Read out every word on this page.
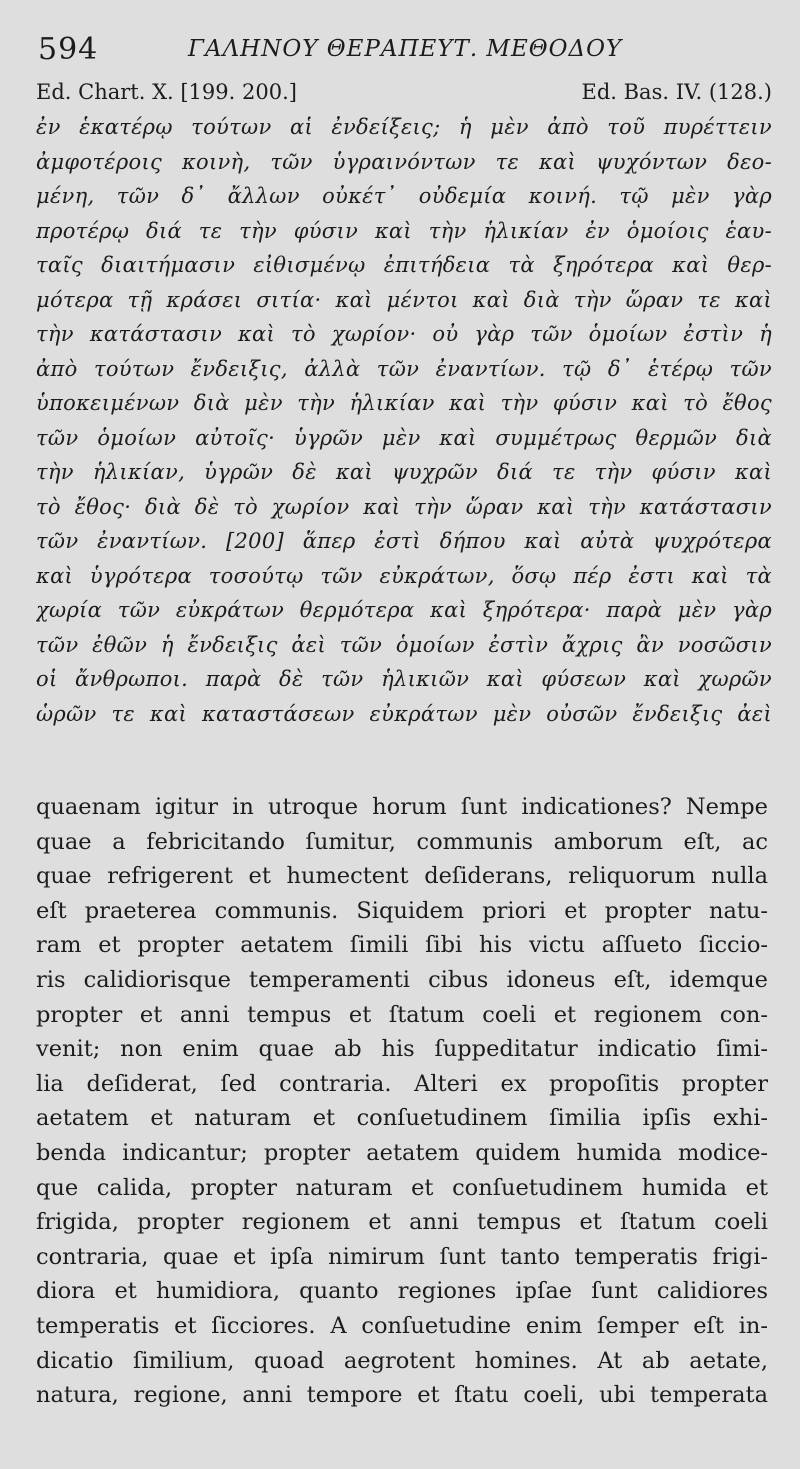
594	ΓΑΛΗΝΟΥ ΘΕΡΑΠΕΥΤ. ΜΕΘΟΔΟΥ
Ed. Chart. X. [199. 200.]	Ed. Bas. IV. (128.)
ἐν ἑκατέρῳ τούτων αἱ ἐνδείξεις; ἡ μὲν ἀπὸ τοῦ πυρέττειν
ἀμφοτέροις κοινὴ, τῶν ὑγραινόντων τε καὶ ψυχόντων δεο-
μένη, τῶν δ᾽ ἄλλων οὐκέτ᾽ οὐδεμία κοινή. τῷ μὲν γὰρ
προτέρῳ διά τε τὴν φύσιν καὶ τὴν ἡλικίαν ἐν ὁμοίοις ἑαυ-
ταῖς διαιτήμασιν εἰθισμένῳ ἐπιτήδεια τὰ ξηρότερα καὶ θερ-
μότερα τῇ κράσει σιτία· καὶ μέντοι καὶ διὰ τὴν ὥραν τε καὶ
τὴν κατάστασιν καὶ τὸ χωρίον· οὐ γὰρ τῶν ὁμοίων ἐστὶν ἡ
ἀπὸ τούτων ἔνδειξις, ἀλλὰ τῶν ἐναντίων. τῷ δ᾽ ἑτέρῳ τῶν
ὑποκειμένων διὰ μὲν τὴν ἡλικίαν καὶ τὴν φύσιν καὶ τὸ ἔθος
τῶν ὁμοίων αὐτοῖς· ὑγρῶν μὲν καὶ συμμέτρως θερμῶν διὰ
τὴν ἡλικίαν, ὑγρῶν δὲ καὶ ψυχρῶν διά τε τὴν φύσιν καὶ
τὸ ἔθος· διὰ δὲ τὸ χωρίον καὶ τὴν ὥραν καὶ τὴν κατάστασιν
τῶν ἐναντίων. [200] ἅπερ ἐστὶ δήπου καὶ αὐτὰ ψυχρότερα
καὶ ὑγρότερα τοσούτῳ τῶν εὐκράτων, ὅσῳ πέρ ἐστι καὶ τὰ
χωρία τῶν εὐκράτων θερμότερα καὶ ξηρότερα· παρὰ μὲν γὰρ
τῶν ἐθῶν ἡ ἔνδειξις ἀεὶ τῶν ὁμοίων ἐστὶν ἄχρις ἂν νοσῶσιν
οἱ ἄνθρωποι. παρὰ δὲ τῶν ἡλικιῶν καὶ φύσεων καὶ χωρῶν
ὡρῶν τε καὶ καταστάσεων εὐκράτων μὲν οὐσῶν ἔνδειξις ἀεὶ
quaenam igitur in utroque horum ſunt indicationes? Nempe
quae a febricitando ſumitur, communis amborum eſt, ac
quae refrigerent et humectent deſiderans, reliquorum nulla
eſt praeterea communis. Siquidem priori et propter natu-
ram et propter aetatem ſimili ſibi his victu aſſueto ſiccio-
ris calidiorisque temperamenti cibus idoneus eſt, idemque
propter et anni tempus et ſtatum coeli et regionem con-
venit; non enim quae ab his ſuppeditatur indicatio ſimi-
lia deſiderat, ſed contraria. Alteri ex propoſitis propter
aetatem et naturam et conſuetudinem ſimilia ipſis exhi-
benda indicantur; propter aetatem quidem humida modice-
que calida, propter naturam et conſuetudinem humida et
frigida, propter regionem et anni tempus et ſtatum coeli
contraria, quae et ipſa nimirum ſunt tanto temperatis frigi-
diora et humidiora, quanto regiones ipſae ſunt calidiores
temperatis et ſicciores. A conſuetudine enim ſemper eſt in-
dicatio ſimilium, quoad aegrotent homines. At ab aetate,
natura, regione, anni tempore et ſtatu coeli, ubi temperata
